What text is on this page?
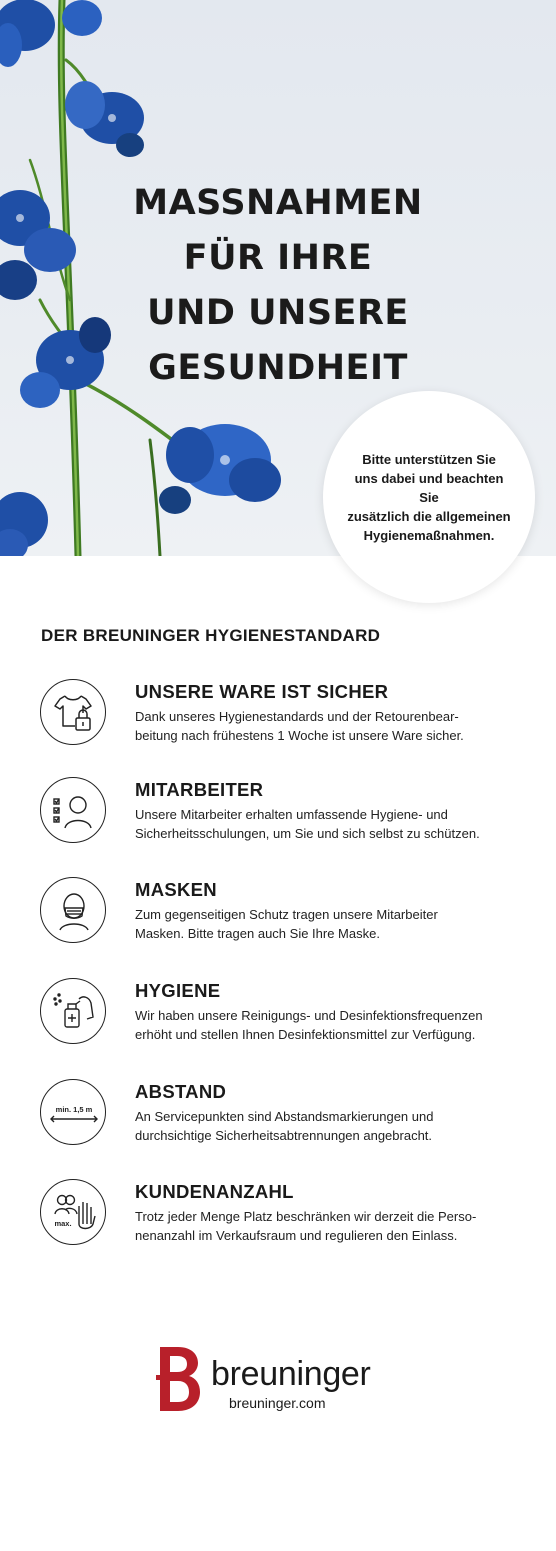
MASSNAHMEN
FÜR IHRE
UND UNSERE
GESUNDHEIT

Bitte unterstützen Sie
uns dabei und beachten Sie
zusätzlich die allgemeinen
Hygienemaßnahmen.

DER BREUNINGER HYGIENESTANDARD
UNSERE WARE IST SICHER

Dank unseres Hygienestandards und der Retourenbear-
beitung nach frühestens 1 Woche ist unsere Ware sicher.

MITARBEITER

Unsere Mitarbeiter erhalten umfassende Hygiene- und
Sicherheitsschulungen, um Sie und sich selbst zu schützen.

MASKEN

Zum gegenseitigen Schutz tragen unsere Mitarbeiter
Masken. Bitte tragen auch Sie Ihre Maske.

HYGIENE

Wir haben unsere Reinigungs- und Desinfektionsfrequenzen
erhöht und stellen Ihnen Desinfektionsmittel zur Verfügung.

min. 1,5 m
ABSTAND

An Servicepunkten sind Abstandsmarkierungen und
durchsichtige Sicherheitsabtrennungen angebracht.

max.
KUNDENANZAHL

Trotz jeder Menge Platz beschränken wir derzeit die Perso-
nenanzahl im Verkaufsraum und regulieren den Einlass.

breuninger

breuninger.com
